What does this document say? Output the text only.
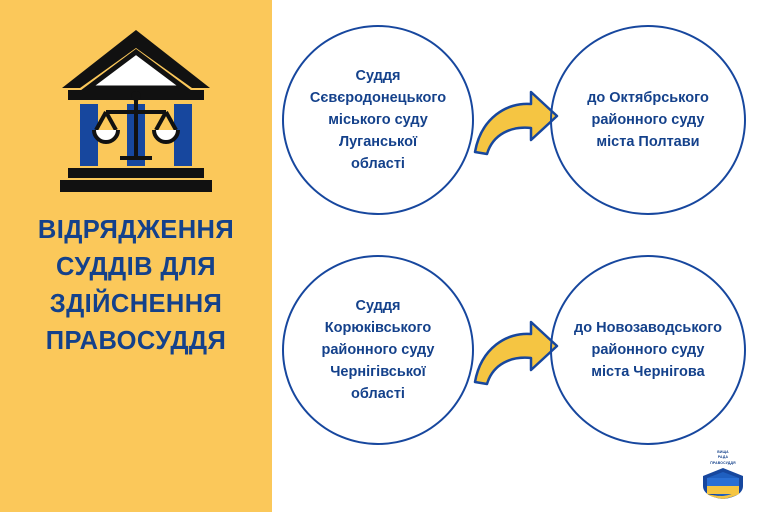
ВІДРЯДЖЕННЯ
СУДДІВ ДЛЯ
ЗДІЙСНЕННЯ
ПРАВОСУДДЯ
Суддя
Сєвєродонецького
міського суду
Луганської
області
до Октябрського
районного суду
міста Полтави
Суддя
Корюківського
районного суду
Чернігівської
області
до Новозаводського
районного суду
міста Чернігова
ВИЩА
РАДА
ПРАВОСУДДЯ
